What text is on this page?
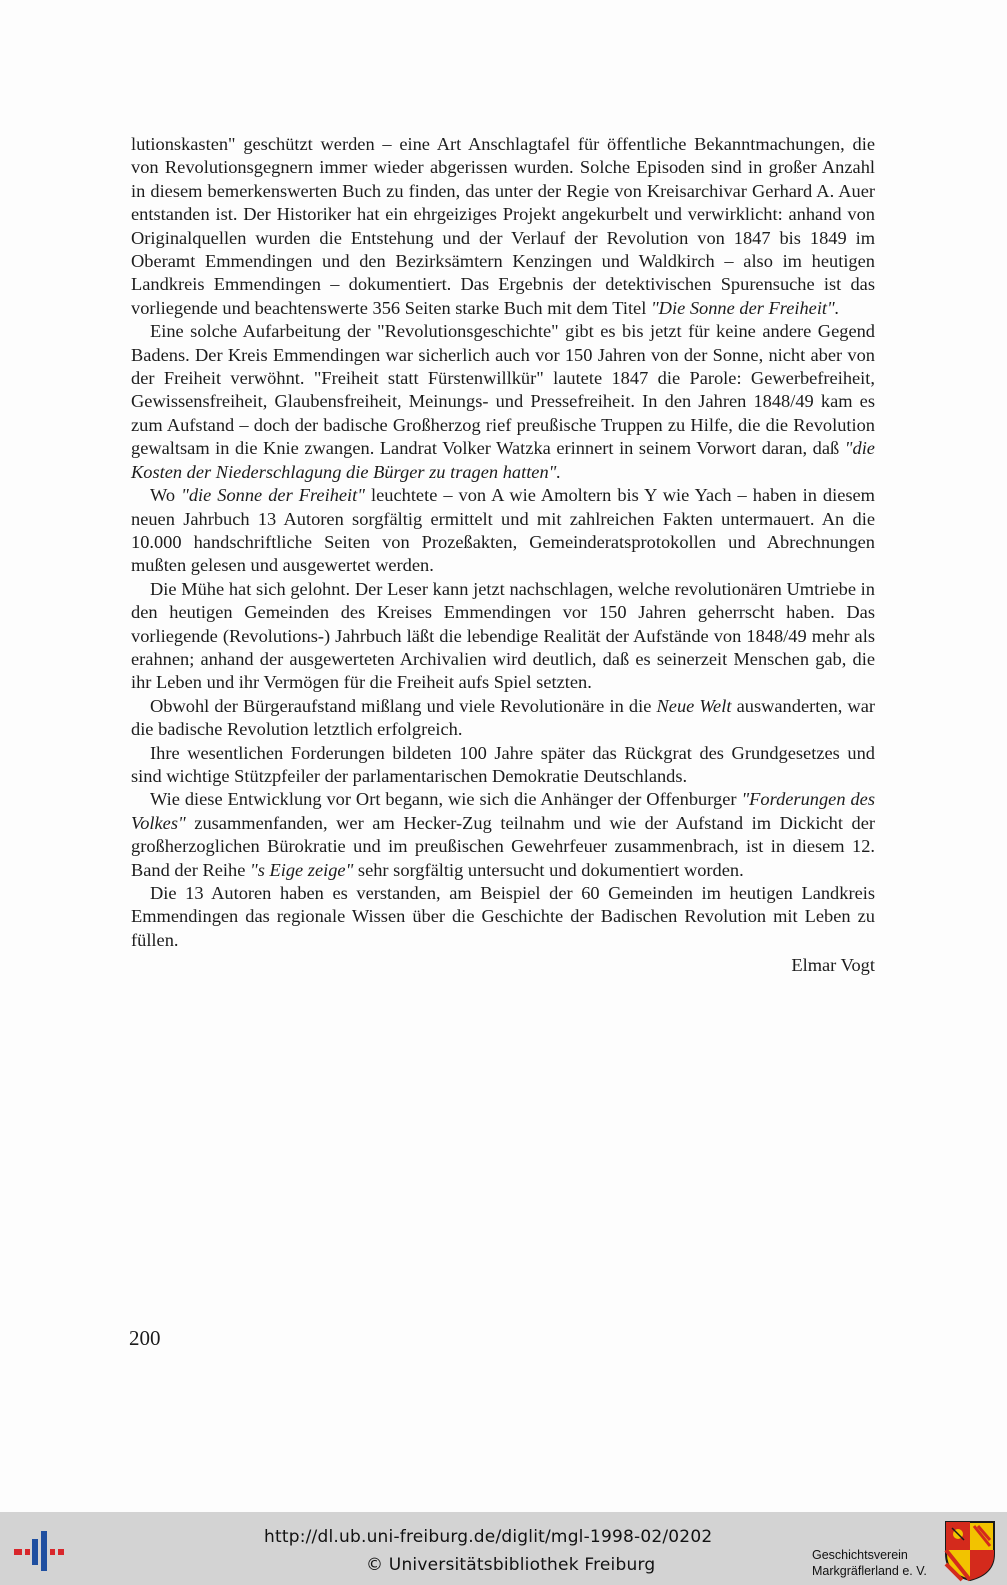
lutionskasten" geschützt werden – eine Art Anschlagtafel für öffentliche Bekanntmachungen, die von Revolutionsgegnern immer wieder abgerissen wurden. Solche Episoden sind in großer Anzahl in diesem bemerkenswerten Buch zu finden, das unter der Regie von Kreisarchivar Gerhard A. Auer entstanden ist. Der Historiker hat ein ehrgeiziges Projekt angekurbelt und verwirklicht: anhand von Originalquellen wurden die Entstehung und der Verlauf der Revolution von 1847 bis 1849 im Oberamt Emmendingen und den Bezirksämtern Kenzingen und Waldkirch – also im heutigen Landkreis Emmendingen – dokumentiert. Das Ergebnis der detektivischen Spurensuche ist das vorliegende und beachtenswerte 356 Seiten starke Buch mit dem Titel "Die Sonne der Freiheit".

Eine solche Aufarbeitung der "Revolutionsgeschichte" gibt es bis jetzt für keine andere Gegend Badens. Der Kreis Emmendingen war sicherlich auch vor 150 Jahren von der Sonne, nicht aber von der Freiheit verwöhnt. "Freiheit statt Fürstenwillkür" lautete 1847 die Parole: Gewerbefreiheit, Gewissensfreiheit, Glaubensfreiheit, Meinungs- und Pressefreiheit. In den Jahren 1848/49 kam es zum Aufstand – doch der badische Großherzog rief preußische Truppen zu Hilfe, die die Revolution gewaltsam in die Knie zwangen. Landrat Volker Watzka erinnert in seinem Vorwort daran, daß "die Kosten der Niederschlagung die Bürger zu tragen hatten".

Wo "die Sonne der Freiheit" leuchtete – von A wie Amoltern bis Y wie Yach – haben in diesem neuen Jahrbuch 13 Autoren sorgfältig ermittelt und mit zahlreichen Fakten untermauert. An die 10.000 handschriftliche Seiten von Prozeßakten, Gemeinderatsprotokollen und Abrechnungen mußten gelesen und ausgewertet werden.

Die Mühe hat sich gelohnt. Der Leser kann jetzt nachschlagen, welche revolutionären Umtriebe in den heutigen Gemeinden des Kreises Emmendingen vor 150 Jahren geherrscht haben. Das vorliegende (Revolutions-) Jahrbuch läßt die lebendige Realität der Aufstände von 1848/49 mehr als erahnen; anhand der ausgewerteten Archivalien wird deutlich, daß es seinerzeit Menschen gab, die ihr Leben und ihr Vermögen für die Freiheit aufs Spiel setzten.

Obwohl der Bürgeraufstand mißlang und viele Revolutionäre in die Neue Welt auswanderten, war die badische Revolution letztlich erfolgreich.

Ihre wesentlichen Forderungen bildeten 100 Jahre später das Rückgrat des Grundgesetzes und sind wichtige Stützpfeiler der parlamentarischen Demokratie Deutschlands.

Wie diese Entwicklung vor Ort begann, wie sich die Anhänger der Offenburger "Forderungen des Volkes" zusammenfanden, wer am Hecker-Zug teilnahm und wie der Aufstand im Dickicht der großherzoglichen Bürokratie und im preußischen Gewehrfeuer zusammenbrach, ist in diesem 12. Band der Reihe "s Eige zeige" sehr sorgfältig untersucht und dokumentiert worden.

Die 13 Autoren haben es verstanden, am Beispiel der 60 Gemeinden im heutigen Landkreis Emmendingen das regionale Wissen über die Geschichte der Badischen Revolution mit Leben zu füllen.

Elmar Vogt
200
http://dl.ub.uni-freiburg.de/diglit/mgl-1998-02/0202
© Universitätsbibliothek Freiburg	Geschichtsverein
Markgräflerland e. V.
